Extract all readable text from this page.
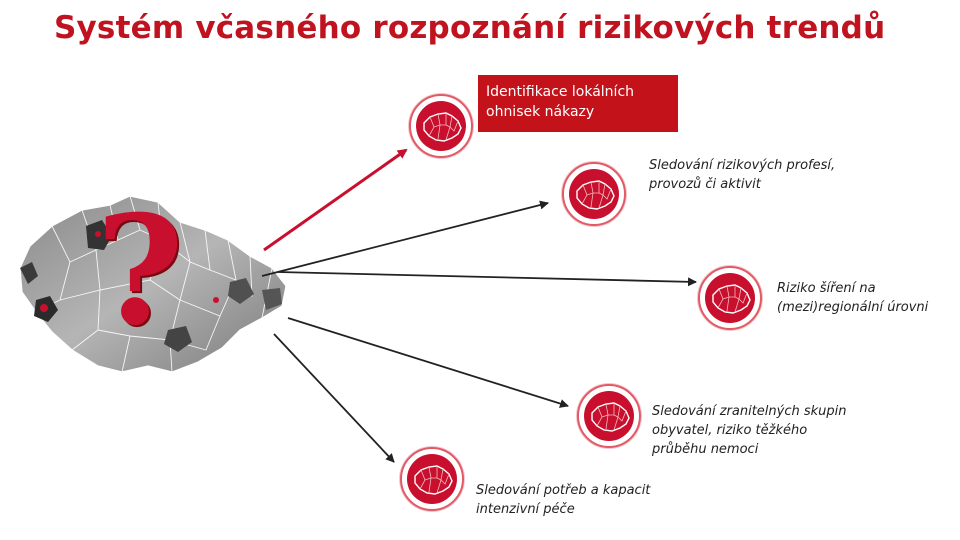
Systém včasného rozpoznání rizikových trendů
?
Identifikace lokálních ohnisek nákazy
Sledování rizikových profesí, provozů či aktivit
Riziko šíření na (mezi)regionální úrovni
Sledování zranitelných skupin obyvatel, riziko těžkého průběhu nemoci
Sledování potřeb a kapacit intenzivní péče
